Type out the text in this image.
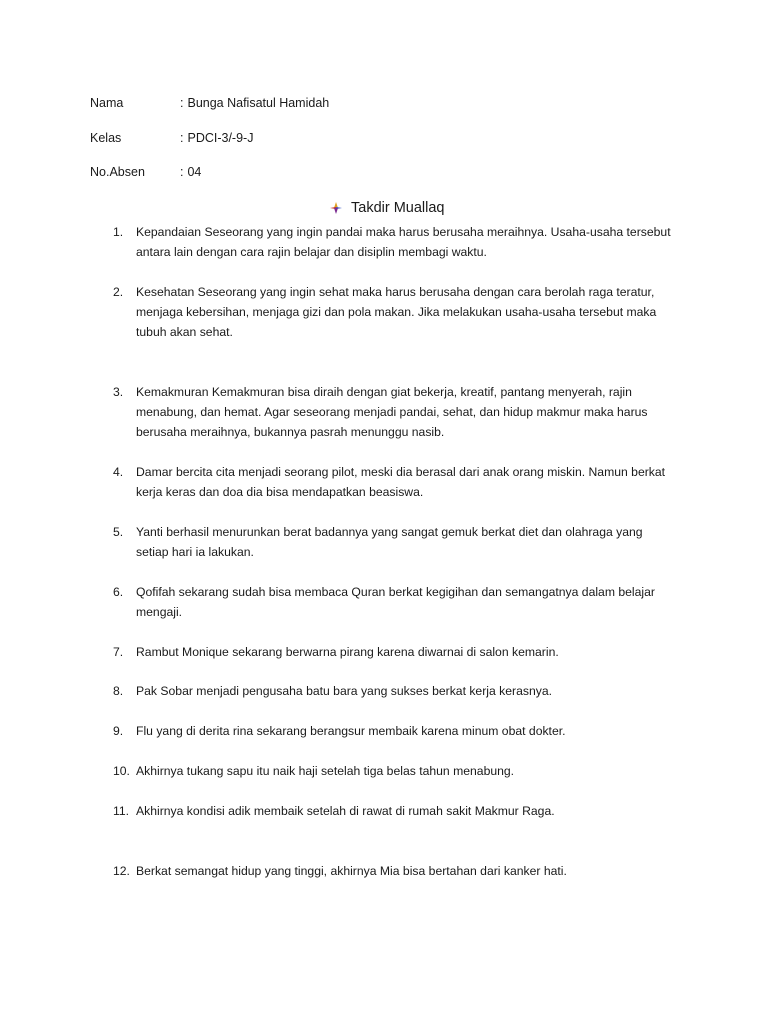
Nama	: Bunga Nafisatul Hamidah
Kelas	: PDCI-3/-9-J
No.Absen	: 04
Takdir Muallaq
1.	Kepandaian Seseorang yang ingin pandai maka harus berusaha meraihnya. Usaha-usaha tersebut antara lain dengan cara rajin belajar dan disiplin membagi waktu.
2.	Kesehatan Seseorang yang ingin sehat maka harus berusaha dengan cara berolah raga teratur, menjaga kebersihan, menjaga gizi dan pola makan. Jika melakukan usaha-usaha tersebut maka tubuh akan sehat.
3.	Kemakmuran Kemakmuran bisa diraih dengan giat bekerja, kreatif, pantang menyerah, rajin menabung, dan hemat. Agar seseorang menjadi pandai, sehat, dan hidup makmur maka harus berusaha meraihnya, bukannya pasrah menunggu nasib.
4.	Damar bercita cita menjadi seorang pilot, meski dia berasal dari anak orang miskin. Namun berkat kerja keras dan doa dia bisa mendapatkan beasiswa.
5.	Yanti berhasil menurunkan berat badannya yang sangat gemuk berkat diet dan olahraga yang setiap hari ia lakukan.
6.	Qofifah sekarang sudah bisa membaca Quran berkat kegigihan dan semangatnya dalam belajar mengaji.
7.	Rambut Monique sekarang berwarna pirang karena diwarnai di salon kemarin.
8.	Pak Sobar menjadi pengusaha batu bara yang sukses berkat kerja kerasnya.
9.	Flu yang di derita rina sekarang berangsur membaik karena minum obat dokter.
10. Akhirnya tukang sapu itu naik haji setelah tiga belas tahun menabung.
11. Akhirnya kondisi adik membaik setelah di rawat di rumah sakit Makmur Raga.
12. Berkat semangat hidup yang tinggi, akhirnya Mia bisa bertahan dari kanker hati.
